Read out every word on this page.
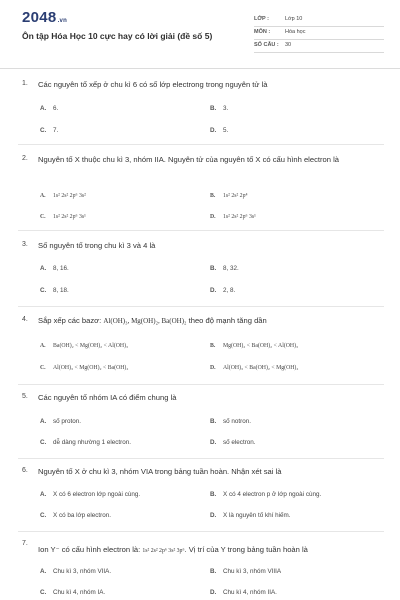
2048.vn
Ôn tập Hóa Học 10 cực hay có lời giải (đề số 5)
LỚP :	Lớp 10
MÔN :	Hóa học
SỐ CÂU : 30
1. Các nguyên tố xếp ở chu kì 6 có số lớp electrong trong nguyên tử là
A. 6.	B. 3.
C. 7.	D. 5.
2. Nguyên tố X thuộc chu kì 3, nhóm IIA. Nguyên tử của nguyên tố X có cấu hình electron là
A. 1s² 2s² 2p⁶ 3s²	B. 1s² 2s² 2p⁴
C. 1s² 2s² 2p⁶ 3s¹	D. 1s² 2s² 2p⁶ 3s¹
3. Số nguyên tố trong chu kì 3 và 4 là
A. 8, 16.	B. 8, 32.
C. 8, 18.	D. 2, 8.
4. Sắp xếp các bazơ: Al(OH)₃, Mg(OH)₂, Ba(OH)₂ theo độ mạnh tăng dần
A. Ba(OH)₂ < Mg(OH)₂ < Al(OH)₃	B. Mg(OH)₂ < Ba(OH)₂ < Al(OH)₃
C. Al(OH)₃ < Mg(OH)₂ < Ba(OH)₂	D. Al(OH)₃ < Ba(OH)₂ < Mg(OH)₂
5. Các nguyên tố nhóm IA có điểm chung là
A. số proton.	B. số notron.
C. dễ dàng nhường 1 electron.	D. số electron.
6. Nguyên tố X ở chu kì 3, nhóm VIA trong bảng tuần hoàn. Nhận xét sai là
A. X có 6 electron lớp ngoài cùng.	B. X có 4 electron p ở lớp ngoài cùng.
C. X có ba lớp electron.	D. X là nguyên tố khí hiếm.
7.
Ion Y⁻ có cấu hình electron là: 1s² 2s² 2p⁶ 3s² 3p⁶. Vị trí của Y trong bảng tuần hoàn là
A. Chu kì 3, nhóm VIIA.	B. Chu kì 3, nhóm VIIIA
C. Chu kì 4, nhóm IA.	D. Chu kì 4, nhóm IIA.
